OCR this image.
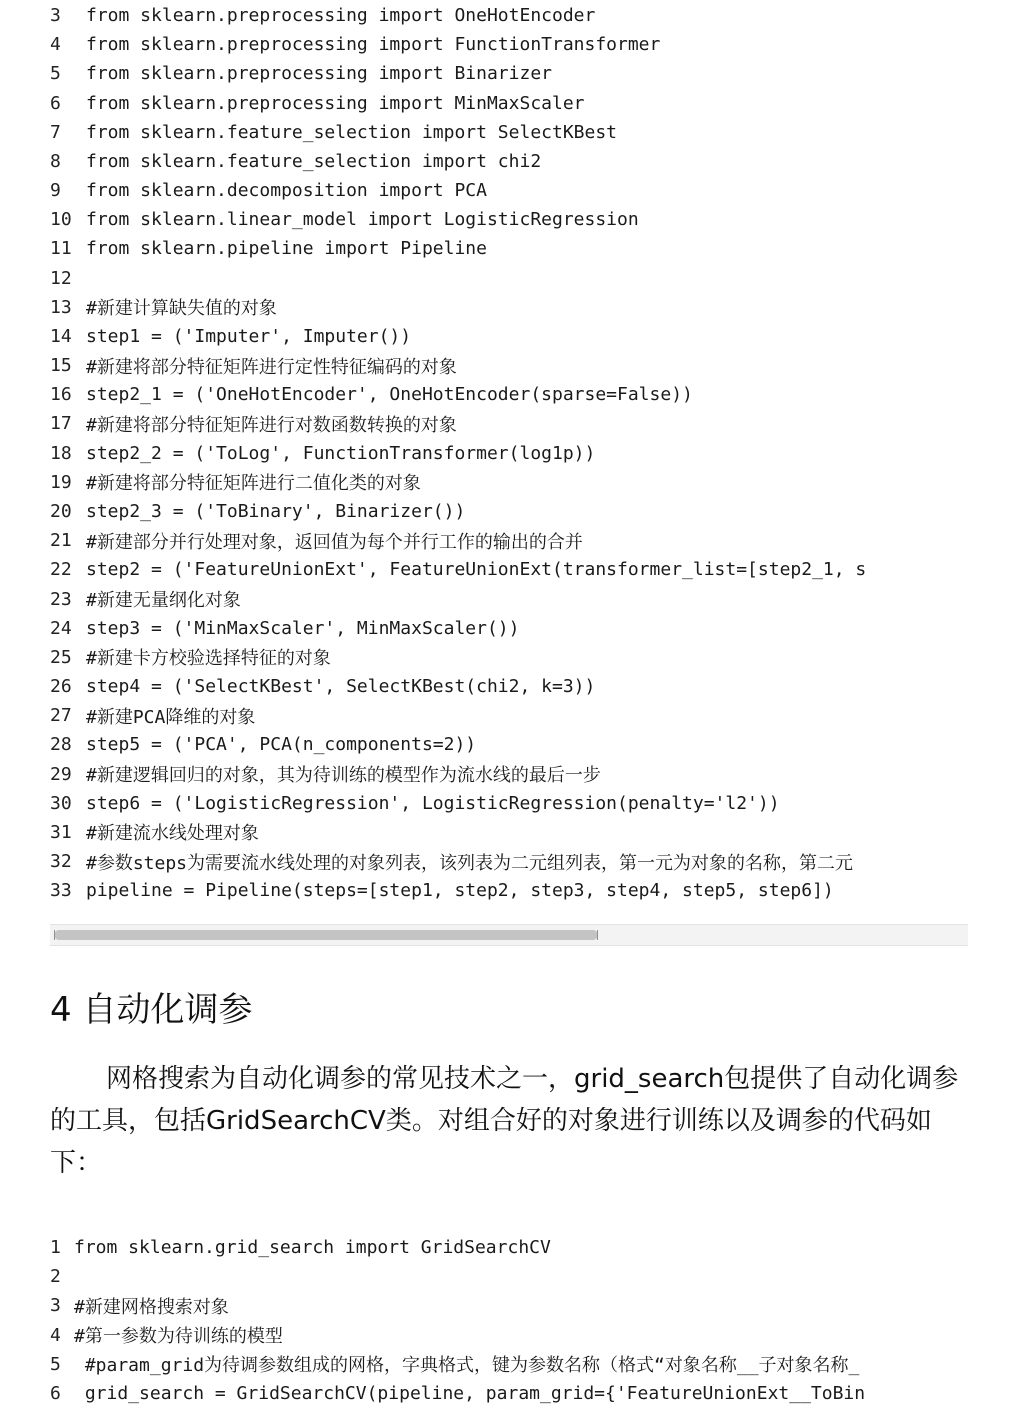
3	from sklearn.preprocessing import OneHotEncoder
4	from sklearn.preprocessing import FunctionTransformer
5	from sklearn.preprocessing import Binarizer
6	from sklearn.preprocessing import MinMaxScaler
7	from sklearn.feature_selection import SelectKBest
8	from sklearn.feature_selection import chi2
9	from sklearn.decomposition import PCA
10 from sklearn.linear_model import LogisticRegression
11 from sklearn.pipeline import Pipeline
12
13 #新建计算缺失值的对象
14 step1 = ('Imputer', Imputer())
15 #新建将部分特征矩阵进行定性特征编码的对象
16 step2_1 = ('OneHotEncoder', OneHotEncoder(sparse=False))
17 #新建将部分特征矩阵进行对数函数转换的对象
18 step2_2 = ('ToLog', FunctionTransformer(log1p))
19 #新建将部分特征矩阵进行二值化类的对象
20 step2_3 = ('ToBinary', Binarizer())
21 #新建部分并行处理对象，返回值为每个并行工作的输出的合并
22 step2 = ('FeatureUnionExt', FeatureUnionExt(transformer_list=[step2_1, s
23 #新建无量纲化对象
24 step3 = ('MinMaxScaler', MinMaxScaler())
25 #新建卡方校验选择特征的对象
26 step4 = ('SelectKBest', SelectKBest(chi2, k=3))
27 #新建PCA降维的对象
28 step5 = ('PCA', PCA(n_components=2))
29 #新建逻辑回归的对象，其为待训练的模型作为流水线的最后一步
30 step6 = ('LogisticRegression', LogisticRegression(penalty='l2'))
31 #新建流水线处理对象
32 #参数steps为需要流水线处理的对象列表，该列表为二元组列表，第一元为对象的名称，第二元
33 pipeline = Pipeline(steps=[step1, step2, step3, step4, step5, step6])
4 自动化调参

网格搜索为自动化调参的常见技术之一，grid_search包提供了自动化调参的工具，包括GridSearchCV类。对组合好的对象进行训练以及调参的代码如下：

1 from sklearn.grid_search import GridSearchCV
2
3 #新建网格搜索对象
4 #第一参数为待训练的模型
5 #param_grid为待调参数组成的网格，字典格式，键为参数名称（格式“对象名称__子对象名称_
6 grid_search = GridSearchCV(pipeline, param_grid={'FeatureUnionExt__ToBin
